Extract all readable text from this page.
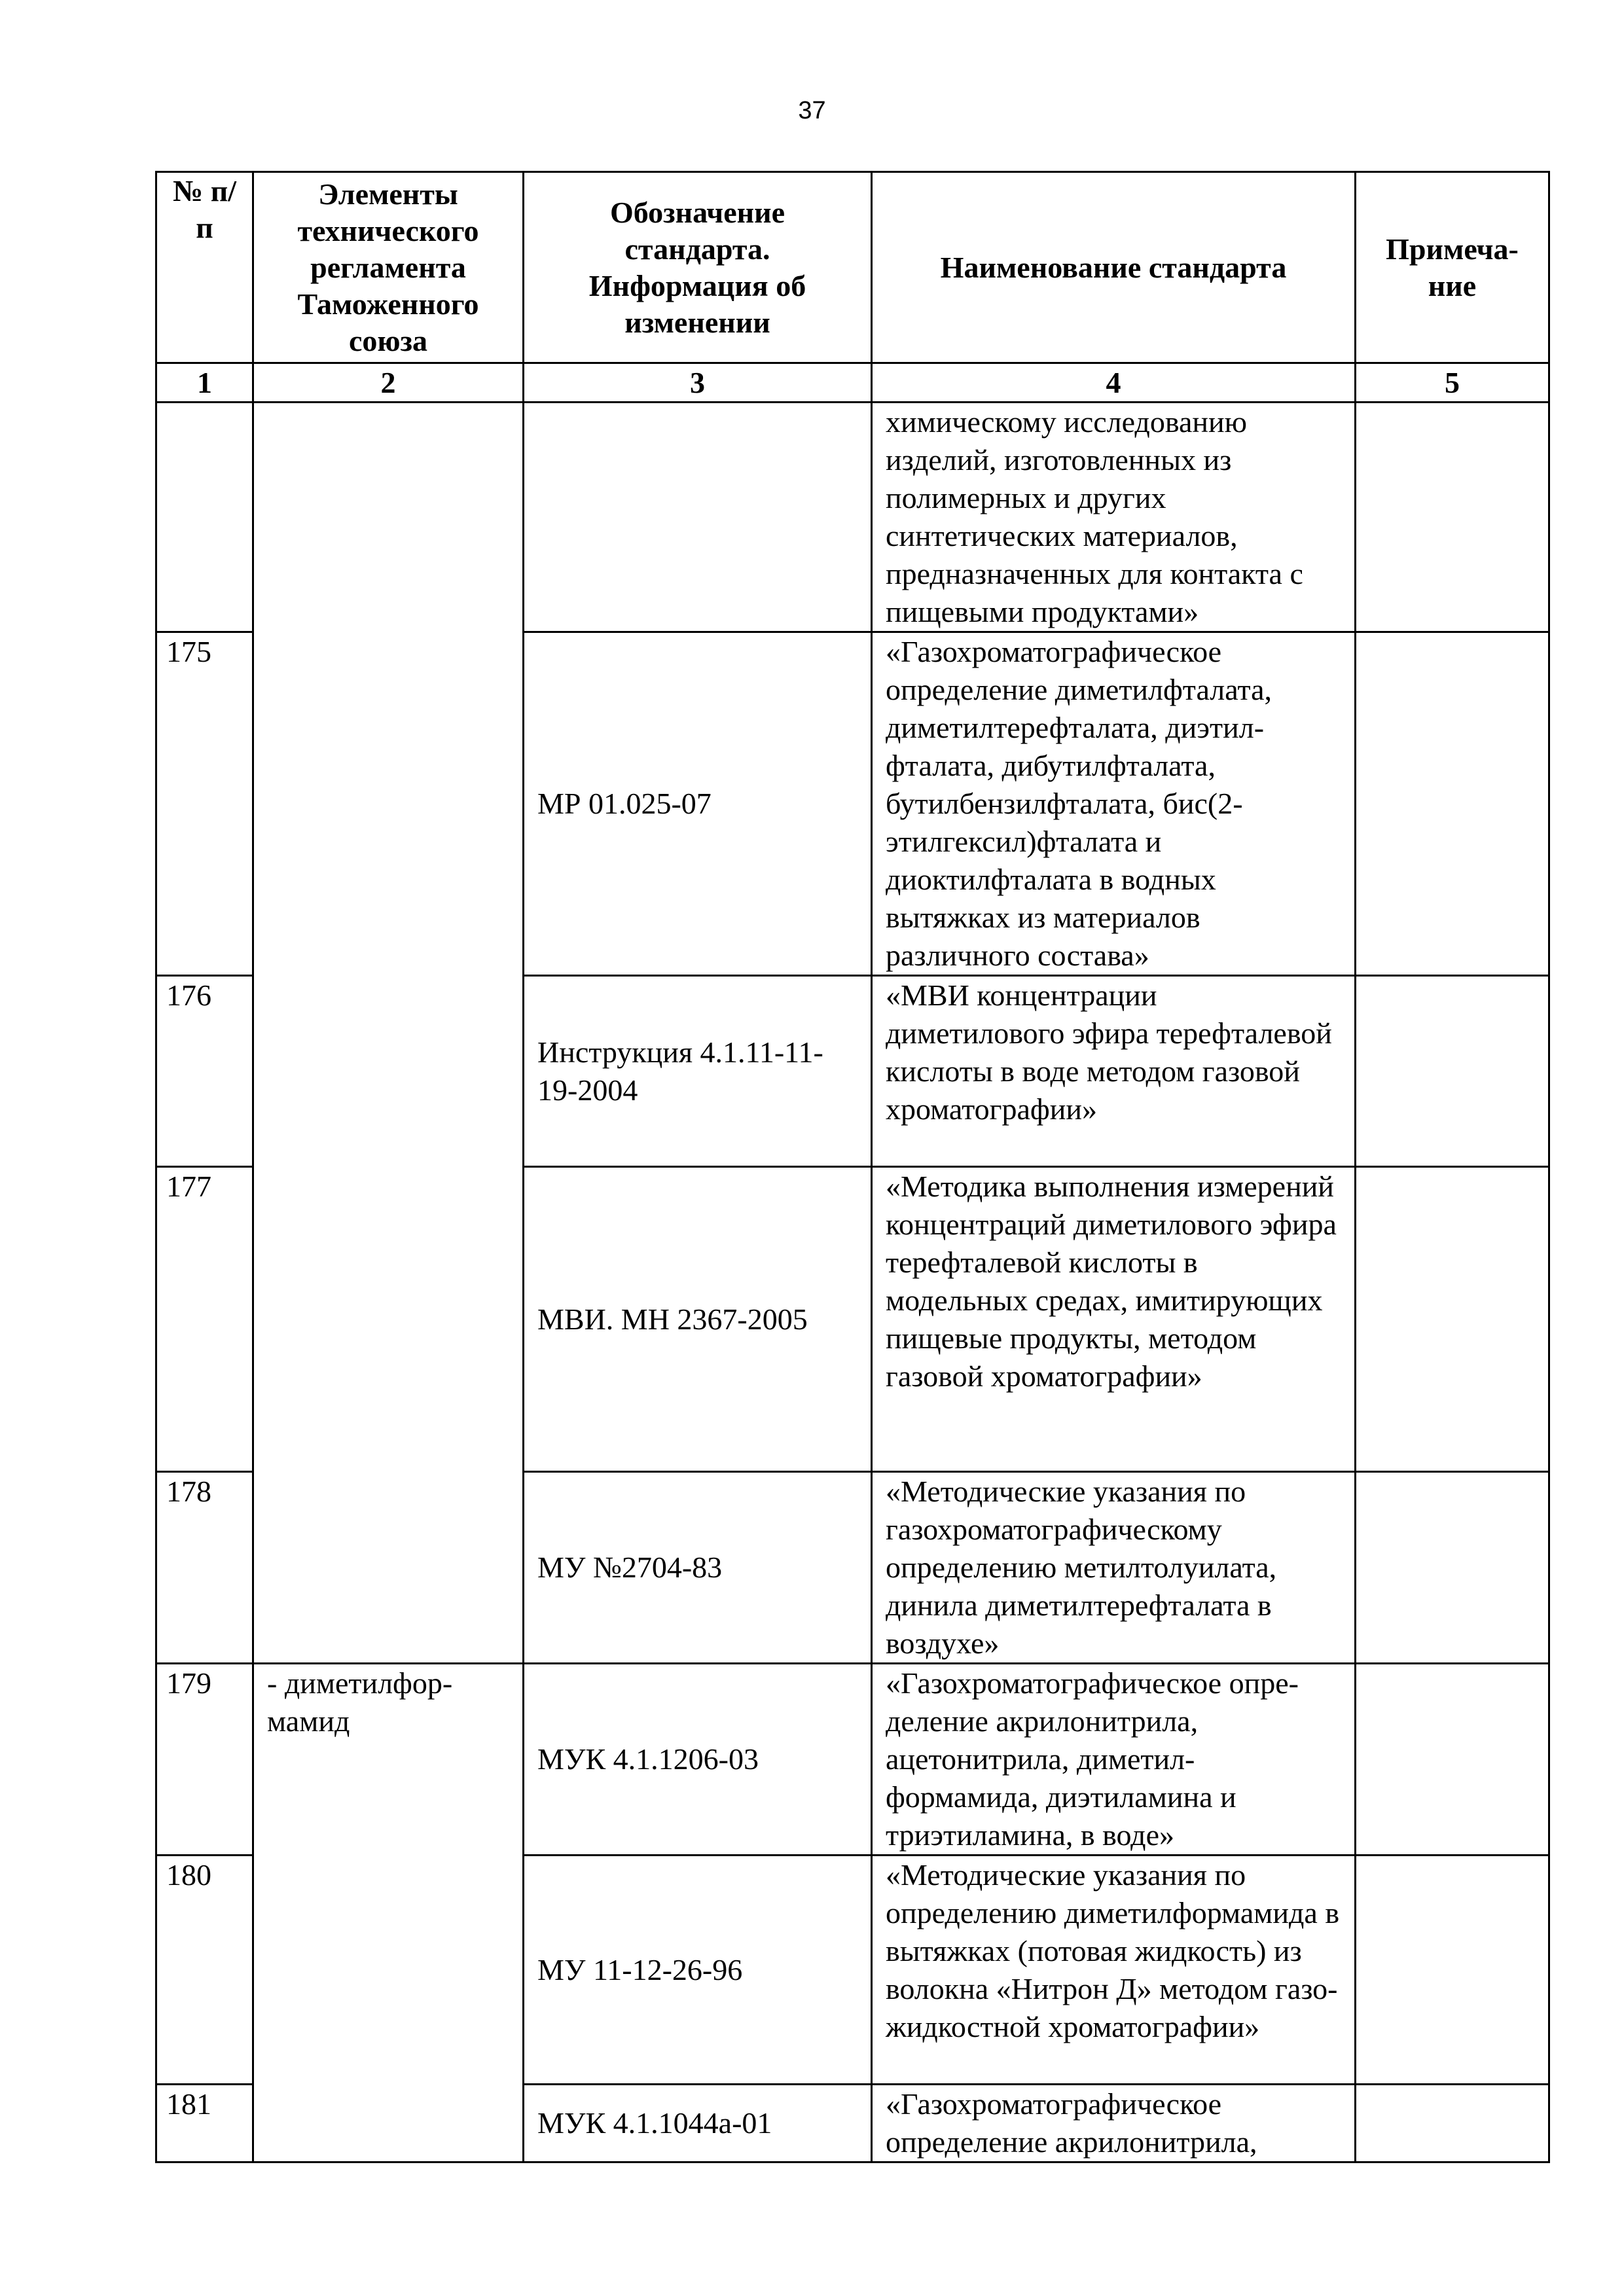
37
№ п/п	Элементы технического регламента Таможенного союза	Обозначение стандарта. Информация об изменении	Наименование стандарта	Примеча-ние
1	2	3	4	5
			химическому исследованию изделий, изготовленных из полимерных и других синтетических материалов, предназначенных для контакта с пищевыми продуктами»	
175		МР 01.025-07	«Газохроматографическое определение диметилфталата, диметилтерефталата, диэтил-фталата, дибутилфталата, бутилбензилфталата, бис(2-этилгексил)фталата и диоктилфталата в водных вытяжках из материалов различного состава»	
176		Инструкция 4.1.11-11-19-2004	«МВИ концентрации диметилового эфира терефталевой кислоты в воде методом газовой хроматографии»	
177		МВИ. МН 2367-2005	«Методика выполнения измерений концентраций диметилового эфира терефталевой кислоты в модельных средах, имитирующих пищевые продукты, методом газовой хроматографии»	
178		МУ №2704-83	«Методические указания по газохроматографическому определению метилтолуилата, динила диметилтерефталата в воздухе»	
179	- диметилфор-мамид	МУК 4.1.1206-03	«Газохроматографическое опре-деление акрилонитрила, ацетонитрила, диметил-формамида, диэтиламина и триэтиламина, в воде»	
180		МУ 11-12-26-96	«Методические указания по определению диметилформамида в вытяжках (потовая жидкость) из волокна «Нитрон Д» методом газо-жидкостной хроматографии»	
181		МУК 4.1.1044а-01	«Газохроматографическое определение акрилонитрила,	
